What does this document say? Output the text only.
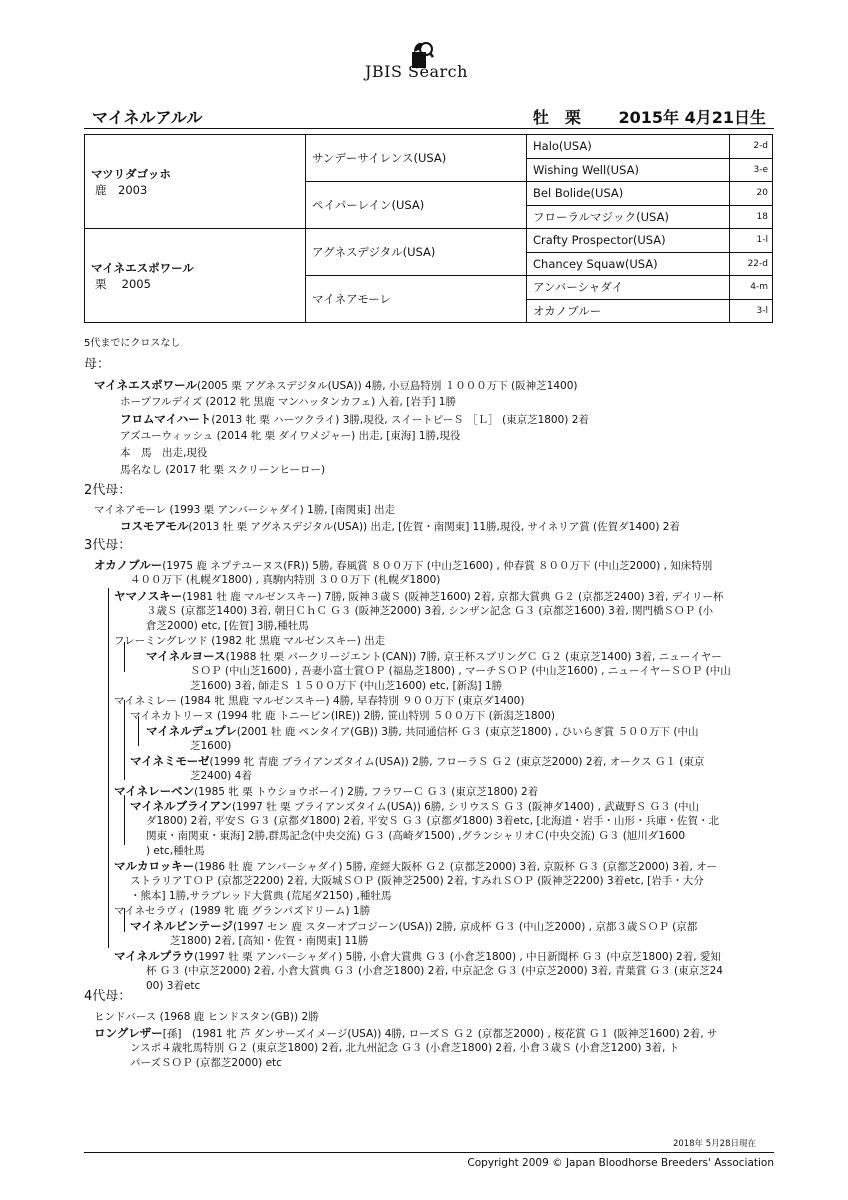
JBIS Search
マイネルアルル	牡　栗　　 2015年 4月21日生
マツリダゴッホ
鹿　2003	サンデーサイレンス(USA)	Halo(USA)	2-d
		Wishing Well(USA)	3-e
	ペイパーレイン(USA)	Bel Bolide(USA)	20
		フローラルマジック(USA)	18

マイネエスポワール
栗　 2005	アグネスデジタル(USA)	Crafty Prospector(USA)	1-l
		Chancey Squaw(USA)	22-d
	マイネアモーレ	アンバーシャダイ	4-m
		オカノブルー	3-l
5代までにクロスなし
母：
2代母：
3代母：
4代母：
マイネエスポワール(2005 栗 アグネスデジタル(USA)) 4勝, 小豆島特別 １０００万下 (阪神芝1400)
ホープフルデイズ (2012 牝 黒鹿 マンハッタンカフェ) 入着, [岩手] 1勝
フロムマイハート(2013 牝 栗 ハーツクライ) 3勝,現役, スイートピーＳ ［Ｌ］ (東京芝1800) 2着
アズユーウィッシュ (2014 牝 栗 ダイワメジャー) 出走, [東海] 1勝,現役
本　馬　出走,現役
馬名なし (2017 牝 栗 スクリーンヒーロー)
マイネアモーレ (1993 栗 アンバーシャダイ) 1勝, [南関東] 出走
コスモアモル(2013 牡 栗 アグネスデジタル(USA)) 出走, [佐賀・南関東] 11勝,現役, サイネリア賞 (佐賀ダ1400) 2着
オカノブルー(1975 鹿 ネプテユーヌス(FR)) 5勝, 春風賞 ８００万下 (中山芝1600) , 仲春賞 ８００万下 (中山芝2000) , 知床特別
４００万下 (札幌ダ1800) , 真駒内特別 ３００万下 (札幌ダ1800)
ヤマノスキー(1981 牡 鹿 マルゼンスキー) 7勝, 阪神３歳Ｓ (阪神芝1600) 2着, 京都大賞典 Ｇ２ (京都芝2400) 3着, デイリー杯
３歳Ｓ (京都芝1400) 3着, 朝日ＣｈＣ Ｇ３ (阪神芝2000) 3着, シンザン記念 Ｇ３ (京都芝1600) 3着, 関門橋ＳＯＰ (小
倉芝2000) etc, [佐賀] 3勝,種牡馬
フレーミングレツド (1982 牝 黒鹿 マルゼンスキー) 出走
マイネルヨース(1988 牡 栗 パークリージエント(CAN)) 7勝, 京王杯スプリングＣ Ｇ２ (東京芝1400) 3着, ニューイヤー
ＳＯＰ (中山芝1600) , 吾妻小富士賞ＯＰ (福島芝1800) , マーチＳＯＰ (中山芝1600) , ニューイヤーＳＯＰ (中山
芝1600) 3着, 師走Ｓ １５００万下 (中山芝1600) etc, [新潟] 1勝
マイネミレー (1984 牝 黒鹿 マルゼンスキー) 4勝, 早春特別 ９００万下 (東京ダ1400)
マイネカトリーヌ (1994 牝 鹿 トニービン(IRE)) 2勝, 笹山特別 ５００万下 (新潟芝1800)
マイネルデュプレ(2001 牡 鹿 ペンタイア(GB)) 3勝, 共同通信杯 Ｇ３ (東京芝1800) , ひいらぎ賞 ５００万下 (中山
芝1600)
マイネミモーゼ(1999 牝 青鹿 ブライアンズタイム(USA)) 2勝, フローラＳ Ｇ２ (東京芝2000) 2着, オークス Ｇ１ (東京
芝2400) 4着
マイネレーベン(1985 牝 栗 トウショウボーイ) 2勝, フラワーＣ Ｇ３ (東京芝1800) 2着
マイネルブライアン(1997 牡 栗 ブライアンズタイム(USA)) 6勝, シリウスＳ Ｇ３ (阪神ダ1400) , 武蔵野Ｓ Ｇ３ (中山
ダ1800) 2着, 平安Ｓ Ｇ３ (京都ダ1800) 2着, 平安Ｓ Ｇ３ (京都ダ1800) 3着etc, [北海道・岩手・山形・兵庫・佐賀・北
関東・南関東・東海] 2勝,群馬記念(中央交流) Ｇ３ (高崎ダ1500) ,グランシャリオＣ(中央交流) Ｇ３ (旭川ダ1600
) etc,種牡馬
マルカロッキー(1986 牡 鹿 アンバーシャダイ) 5勝, 産經大阪杯 Ｇ２ (京都芝2000) 3着, 京阪杯 Ｇ３ (京都芝2000) 3着, オー
ストラリアＴＯＰ (京都芝2200) 2着, 大阪城ＳＯＰ (阪神芝2500) 2着, すみれＳＯＰ (阪神芝2200) 3着etc, [岩手・大分
・熊本] 1勝,サラブレッド大賞典 (荒尾ダ2150) ,種牡馬
マイネセラヴィ (1989 牝 鹿 グランパズドリーム) 1勝
マイネルビンテージ(1997 セン 鹿 スターオブコジーン(USA)) 2勝, 京成杯 Ｇ３ (中山芝2000) , 京都３歳ＳＯＰ (京都
芝1800) 2着, [高知・佐賀・南関東] 11勝
マイネルプラウ(1997 牡 栗 アンバーシャダイ) 5勝, 小倉大賞典 Ｇ３ (小倉芝1800) , 中日新聞杯 Ｇ３ (中京芝1800) 2着, 愛知
杯 Ｇ３ (中京芝2000) 2着, 小倉大賞典 Ｇ３ (小倉芝1800) 2着, 中京記念 Ｇ３ (中京芝2000) 3着, 青葉賞 Ｇ３ (東京芝24
00) 3着etc
ヒンドバース (1968 鹿 ヒンドスタン(GB)) 2勝
ロングレザー[孫]　(1981 牝 芦 ダンサーズイメージ(USA)) 4勝, ローズＳ Ｇ２ (京都芝2000) , 桜花賞 Ｇ１ (阪神芝1600) 2着, サ
ンスポ４歳牝馬特別 Ｇ２ (東京芝1800) 2着, 北九州記念 Ｇ３ (小倉芝1800) 2着, 小倉３歳Ｓ (小倉芝1200) 3着, ト
パーズＳＯＰ (京都芝2000) etc
2018年 5月28日現在
Copyright 2009 © Japan Bloodhorse Breeders' Association
